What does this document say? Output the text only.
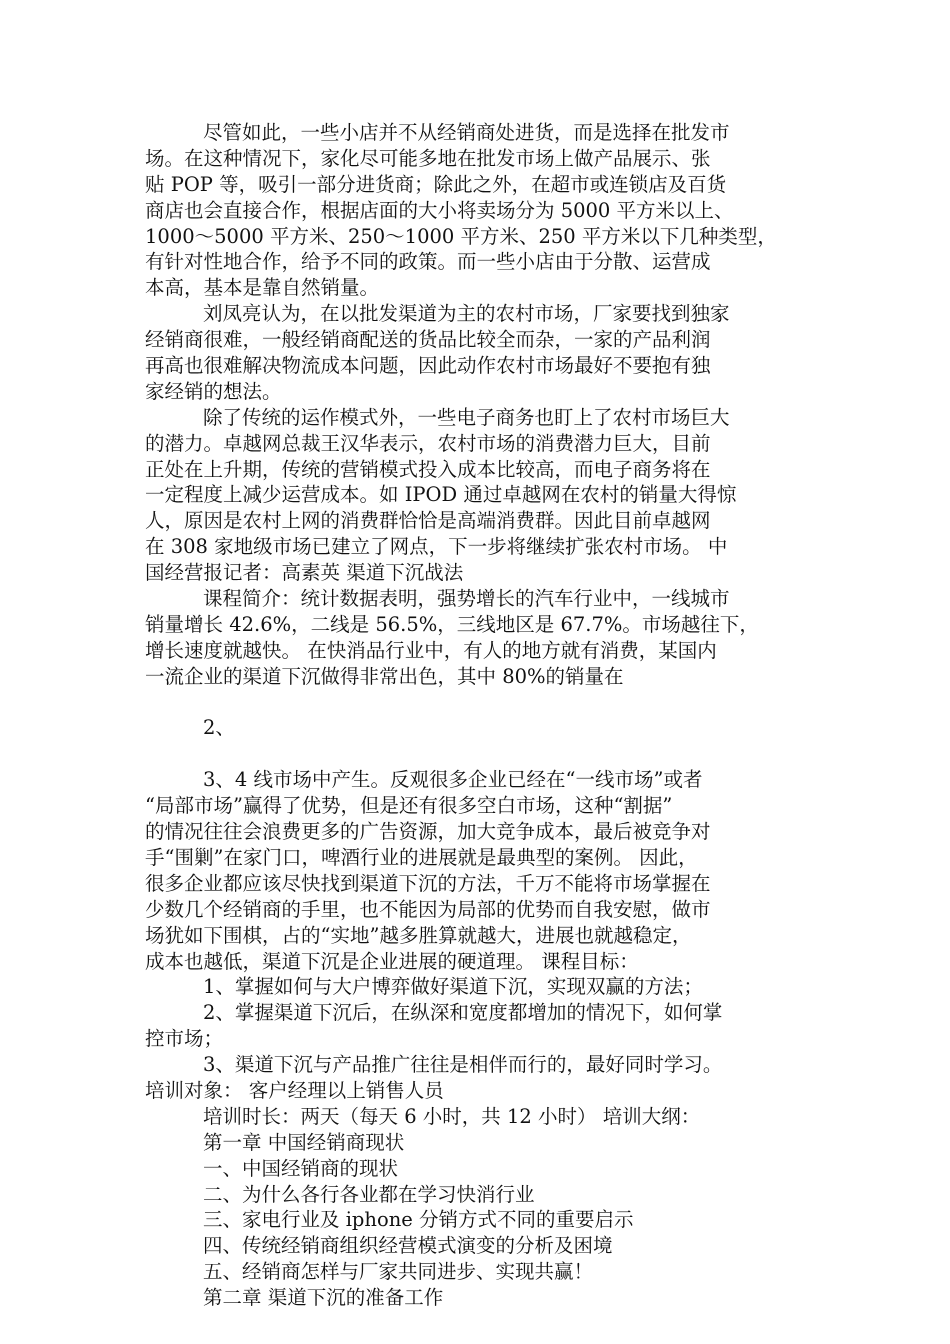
尽管如此，一些小店并不从经销商处进货，而是选择在批发市
场。在这种情况下，家化尽可能多地在批发市场上做产品展示、张
贴 POP 等，吸引一部分进货商；除此之外，在超市或连锁店及百货
商店也会直接合作，根据店面的大小将卖场分为 5000 平方米以上、
1000～5000 平方米、250～1000 平方米、250 平方米以下几种类型，
有针对性地合作，给予不同的政策。而一些小店由于分散、运营成
本高，基本是靠自然销量。
刘凤亮认为，在以批发渠道为主的农村市场，厂家要找到独家
经销商很难，一般经销商配送的货品比较全而杂，一家的产品利润
再高也很难解决物流成本问题，因此动作农村市场最好不要抱有独
家经销的想法。
除了传统的运作模式外，一些电子商务也盯上了农村市场巨大
的潜力。卓越网总裁王汉华表示，农村市场的消费潜力巨大，目前
正处在上升期，传统的营销模式投入成本比较高，而电子商务将在
一定程度上减少运营成本。如 IPOD 通过卓越网在农村的销量大得惊
人，原因是农村上网的消费群恰恰是高端消费群。因此目前卓越网
在 308 家地级市场已建立了网点，下一步将继续扩张农村市场。 中
国经营报记者：高素英 渠道下沉战法
课程简介：统计数据表明，强势增长的汽车行业中，一线城市
销量增长 42.6%，二线是 56.5%，三线地区是 67.7%。市场越往下，
增长速度就越快。 在快消品行业中，有人的地方就有消费，某国内
一流企业的渠道下沉做得非常出色，其中 80%的销量在
2、
3、4 线市场中产生。反观很多企业已经在“一线市场”或者
“局部市场”赢得了优势，但是还有很多空白市场，这种“割据”
的情况往往会浪费更多的广告资源，加大竞争成本，最后被竞争对
手“围剿”在家门口，啤酒行业的进展就是最典型的案例。 因此，
很多企业都应该尽快找到渠道下沉的方法，千万不能将市场掌握在
少数几个经销商的手里，也不能因为局部的优势而自我安慰，做市
场犹如下围棋，占的“实地”越多胜算就越大，进展也就越稳定，
成本也越低，渠道下沉是企业进展的硬道理。 课程目标：
1、掌握如何与大户博弈做好渠道下沉，实现双赢的方法；
2、掌握渠道下沉后，在纵深和宽度都增加的情况下，如何掌
控市场；
3、渠道下沉与产品推广往往是相伴而行的，最好同时学习。
培训对象： 客户经理以上销售人员
培训时长：两天（每天 6 小时，共 12 小时） 培训大纲：
第一章 中国经销商现状
一、中国经销商的现状
二、为什么各行各业都在学习快消行业
三、家电行业及 iphone 分销方式不同的重要启示
四、传统经销商组织经营模式演变的分析及困境
五、经销商怎样与厂家共同进步、实现共赢！
第二章 渠道下沉的准备工作
